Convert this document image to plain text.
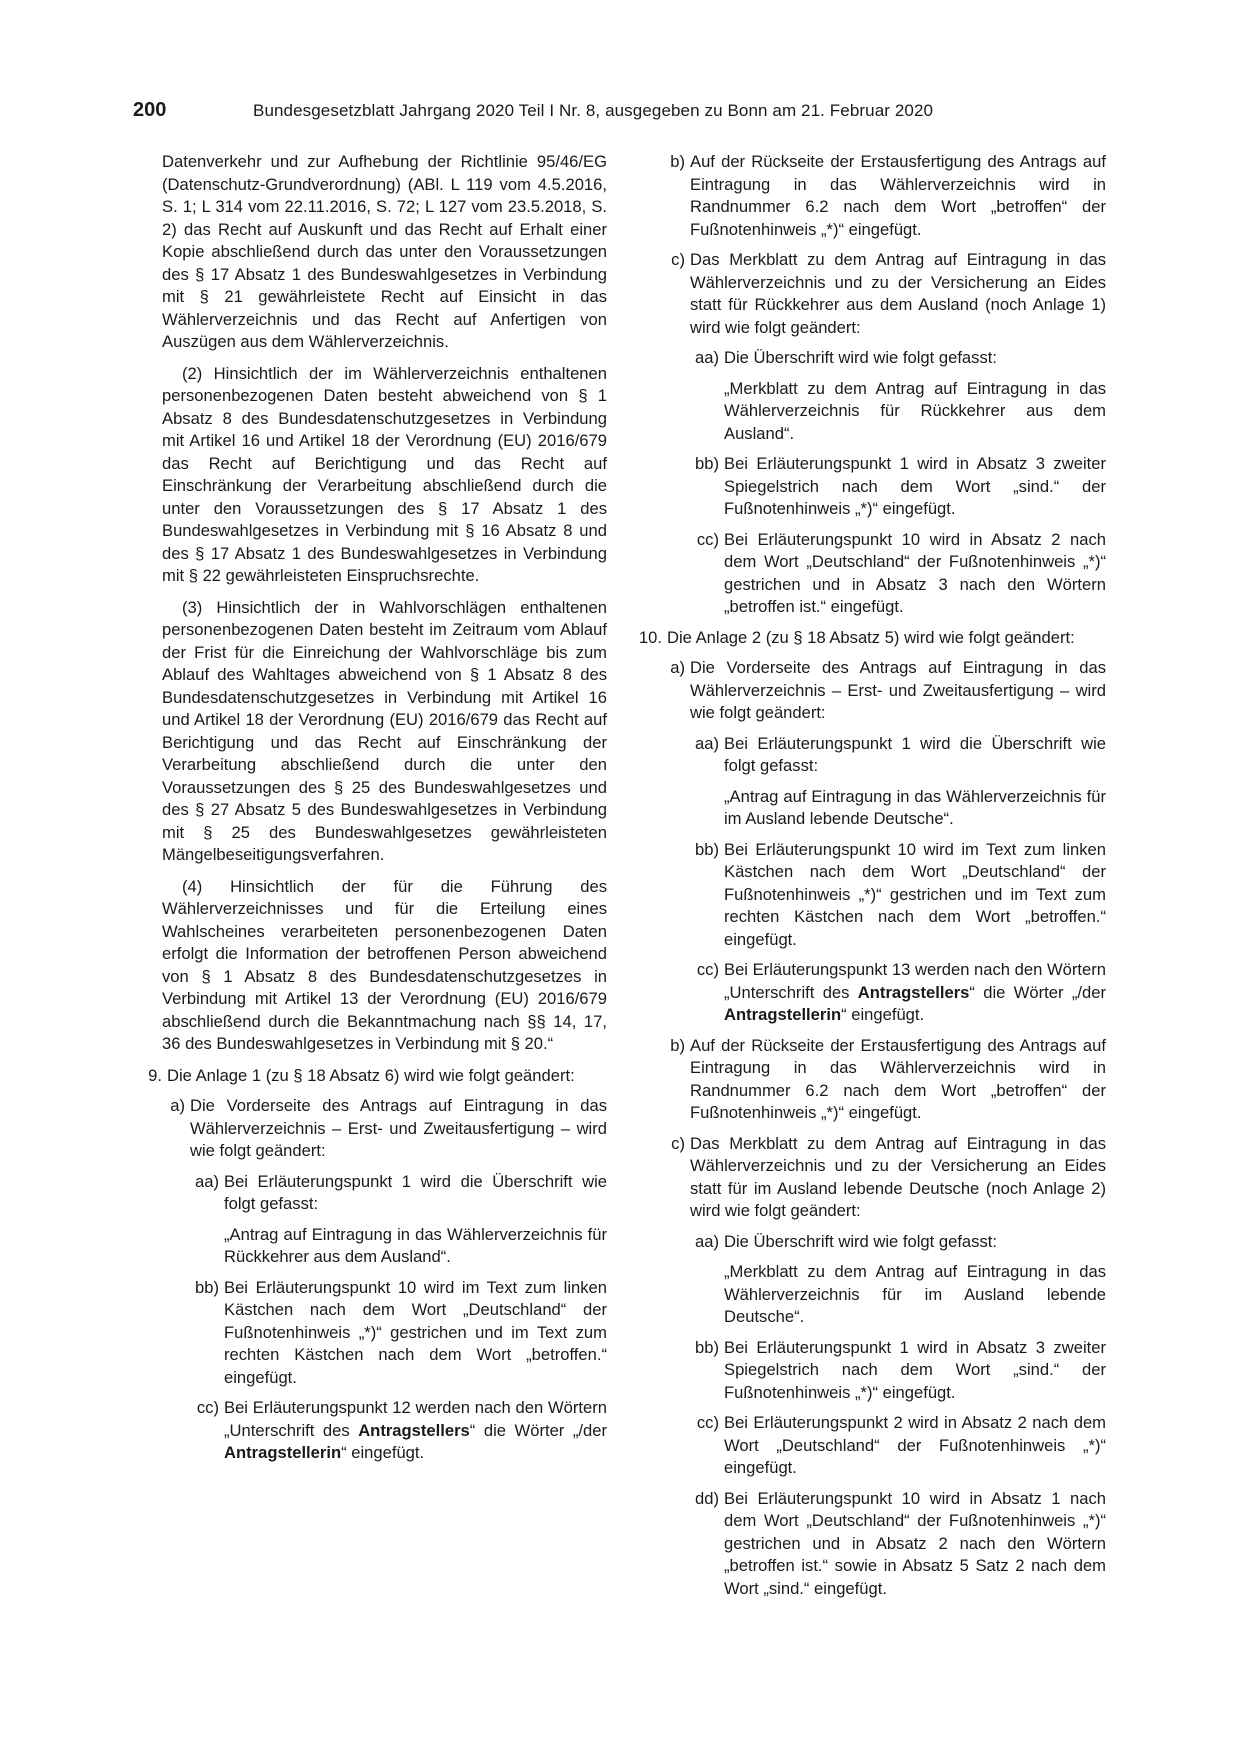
200	Bundesgesetzblatt Jahrgang 2020 Teil I Nr. 8, ausgegeben zu Bonn am 21. Februar 2020

Datenverkehr und zur Aufhebung der Richtlinie 95/46/EG (Datenschutz-Grundverordnung) (ABl. L 119 vom 4.5.2016, S. 1; L 314 vom 22.11.2016, S. 72; L 127 vom 23.5.2018, S. 2) das Recht auf Auskunft und das Recht auf Erhalt einer Kopie abschließend durch das unter den Voraussetzungen des § 17 Absatz 1 des Bundeswahlgesetzes in Verbindung mit § 21 gewährleistete Recht auf Einsicht in das Wählerverzeichnis und das Recht auf Anfertigen von Auszügen aus dem Wählerverzeichnis.

(2) Hinsichtlich der im Wählerverzeichnis enthaltenen personenbezogenen Daten besteht abweichend von § 1 Absatz 8 des Bundesdatenschutzgesetzes in Verbindung mit Artikel 16 und Artikel 18 der Verordnung (EU) 2016/679 das Recht auf Berichtigung und das Recht auf Einschränkung der Verarbeitung abschließend durch die unter den Voraussetzungen des § 17 Absatz 1 des Bundeswahlgesetzes in Verbindung mit § 16 Absatz 8 und des § 17 Absatz 1 des Bundeswahlgesetzes in Verbindung mit § 22 gewährleisteten Einspruchsrechte.

(3) Hinsichtlich der in Wahlvorschlägen enthaltenen personenbezogenen Daten besteht im Zeitraum vom Ablauf der Frist für die Einreichung der Wahlvorschläge bis zum Ablauf des Wahltages abweichend von § 1 Absatz 8 des Bundesdatenschutzgesetzes in Verbindung mit Artikel 16 und Artikel 18 der Verordnung (EU) 2016/679 das Recht auf Berichtigung und das Recht auf Einschränkung der Verarbeitung abschließend durch die unter den Voraussetzungen des § 25 des Bundeswahlgesetzes und des § 27 Absatz 5 des Bundeswahlgesetzes in Verbindung mit § 25 des Bundeswahlgesetzes gewährleisteten Mängelbeseitigungsverfahren.

(4) Hinsichtlich der für die Führung des Wählerverzeichnisses und für die Erteilung eines Wahlscheines verarbeiteten personenbezogenen Daten erfolgt die Information der betroffenen Person abweichend von § 1 Absatz 8 des Bundesdatenschutzgesetzes in Verbindung mit Artikel 13 der Verordnung (EU) 2016/679 abschließend durch die Bekanntmachung nach §§ 14, 17, 36 des Bundeswahlgesetzes in Verbindung mit § 20.“

9. Die Anlage 1 (zu § 18 Absatz 6) wird wie folgt geändert:
a) Die Vorderseite des Antrags auf Eintragung in das Wählerverzeichnis – Erst- und Zweitausfertigung – wird wie folgt geändert:
aa) Bei Erläuterungspunkt 1 wird die Überschrift wie folgt gefasst:

„Antrag auf Eintragung in das Wählerverzeichnis für Rückkehrer aus dem Ausland“.

bb) Bei Erläuterungspunkt 10 wird im Text zum linken Kästchen nach dem Wort „Deutschland“ der Fußnotenhinweis „*)“ gestrichen und im Text zum rechten Kästchen nach dem Wort „betroffen.“ eingefügt.
cc) Bei Erläuterungspunkt 12 werden nach den Wörtern „Unterschrift des Antragstellers“ die Wörter „/der Antragstellerin“ eingefügt.
b) Auf der Rückseite der Erstausfertigung des Antrags auf Eintragung in das Wählerverzeichnis wird in Randnummer 6.2 nach dem Wort „betroffen“ der Fußnotenhinweis „*)“ eingefügt.
c) Das Merkblatt zu dem Antrag auf Eintragung in das Wählerverzeichnis und zu der Versicherung an Eides statt für Rückkehrer aus dem Ausland (noch Anlage 1) wird wie folgt geändert:
aa) Die Überschrift wird wie folgt gefasst:

„Merkblatt zu dem Antrag auf Eintragung in das Wählerverzeichnis für Rückkehrer aus dem Ausland“.

bb) Bei Erläuterungspunkt 1 wird in Absatz 3 zweiter Spiegelstrich nach dem Wort „sind.“ der Fußnotenhinweis „*)“ eingefügt.
cc) Bei Erläuterungspunkt 10 wird in Absatz 2 nach dem Wort „Deutschland“ der Fußnotenhinweis „*)“ gestrichen und in Absatz 3 nach den Wörtern „betroffen ist.“ eingefügt.
10. Die Anlage 2 (zu § 18 Absatz 5) wird wie folgt geändert:
a) Die Vorderseite des Antrags auf Eintragung in das Wählerverzeichnis – Erst- und Zweitausfertigung – wird wie folgt geändert:
aa) Bei Erläuterungspunkt 1 wird die Überschrift wie folgt gefasst:

„Antrag auf Eintragung in das Wählerverzeichnis für im Ausland lebende Deutsche“.

bb) Bei Erläuterungspunkt 10 wird im Text zum linken Kästchen nach dem Wort „Deutschland“ der Fußnotenhinweis „*)“ gestrichen und im Text zum rechten Kästchen nach dem Wort „betroffen.“ eingefügt.
cc) Bei Erläuterungspunkt 13 werden nach den Wörtern „Unterschrift des Antragstellers“ die Wörter „/der Antragstellerin“ eingefügt.
b) Auf der Rückseite der Erstausfertigung des Antrags auf Eintragung in das Wählerverzeichnis wird in Randnummer 6.2 nach dem Wort „betroffen“ der Fußnotenhinweis „*)“ eingefügt.
c) Das Merkblatt zu dem Antrag auf Eintragung in das Wählerverzeichnis und zu der Versicherung an Eides statt für im Ausland lebende Deutsche (noch Anlage 2) wird wie folgt geändert:
aa) Die Überschrift wird wie folgt gefasst:

„Merkblatt zu dem Antrag auf Eintragung in das Wählerverzeichnis für im Ausland lebende Deutsche“.

bb) Bei Erläuterungspunkt 1 wird in Absatz 3 zweiter Spiegelstrich nach dem Wort „sind.“ der Fußnotenhinweis „*)“ eingefügt.
cc) Bei Erläuterungspunkt 2 wird in Absatz 2 nach dem Wort „Deutschland“ der Fußnotenhinweis „*)“ eingefügt.
dd) Bei Erläuterungspunkt 10 wird in Absatz 1 nach dem Wort „Deutschland“ der Fußnotenhinweis „*)“ gestrichen und in Absatz 2 nach den Wörtern „betroffen ist.“ sowie in Absatz 5 Satz 2 nach dem Wort „sind.“ eingefügt.
